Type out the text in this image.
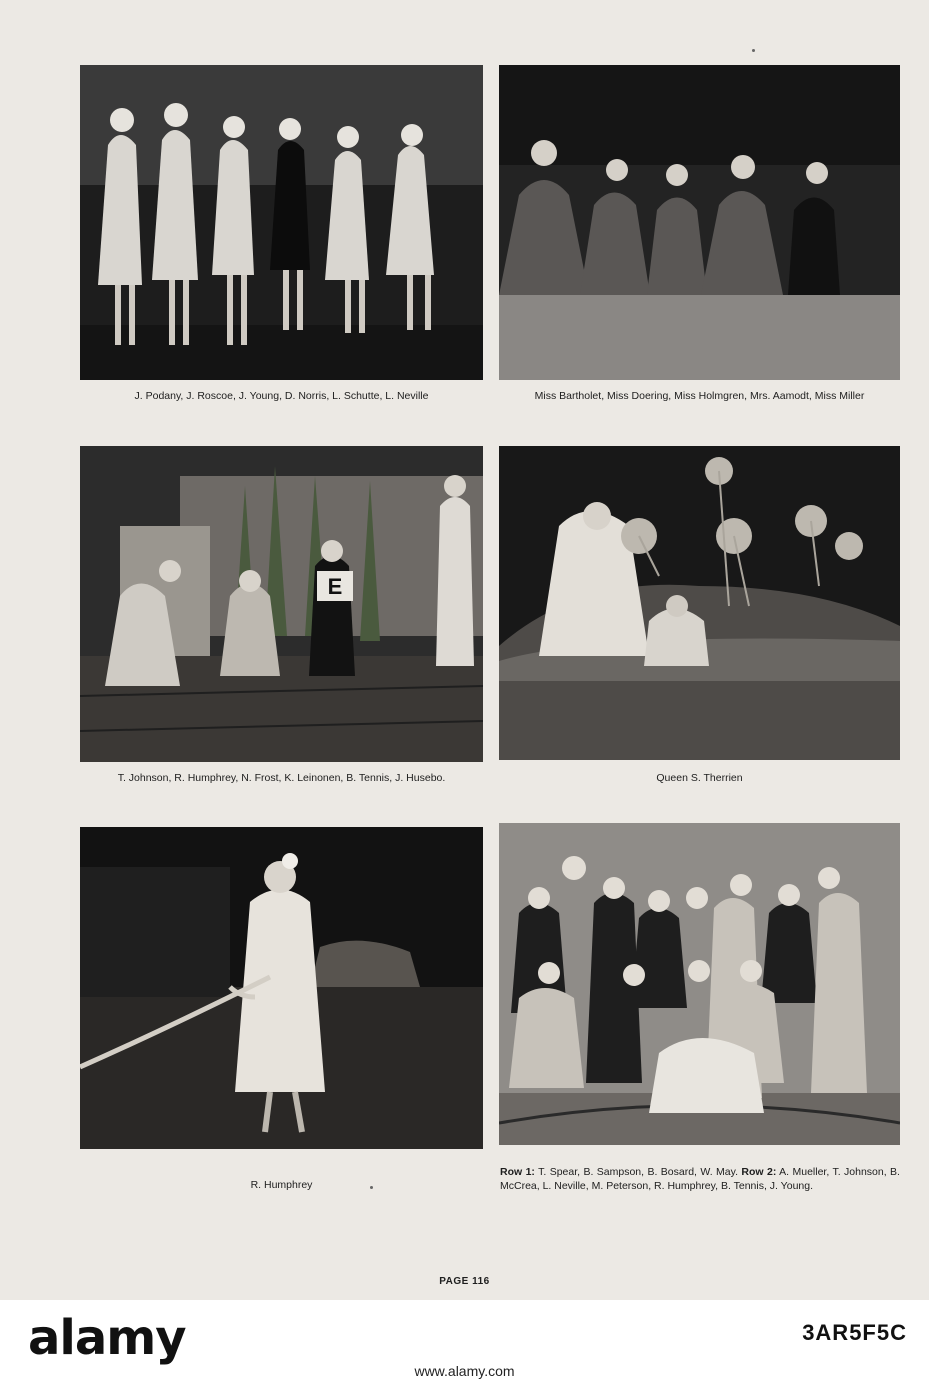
J. Podany, J. Roscoe, J. Young, D. Norris, L. Schutte, L. Neville	Miss Bartholet, Miss Doering, Miss Holmgren, Mrs. Aamodt, Miss Miller
E
T. Johnson, R. Humphrey, N. Frost, K. Leinonen, B. Tennis, J. Husebo.	Queen S. Therrien
R. Humphrey
Row 1: T. Spear, B. Sampson, B. Bosard, W. May. Row 2: A. Mueller, T. Johnson, B. McCrea, L. Neville, M. Peterson, R. Humphrey, B. Tennis, J. Young.
PAGE 116
alamy	3AR5F5C
www.alamy.com
